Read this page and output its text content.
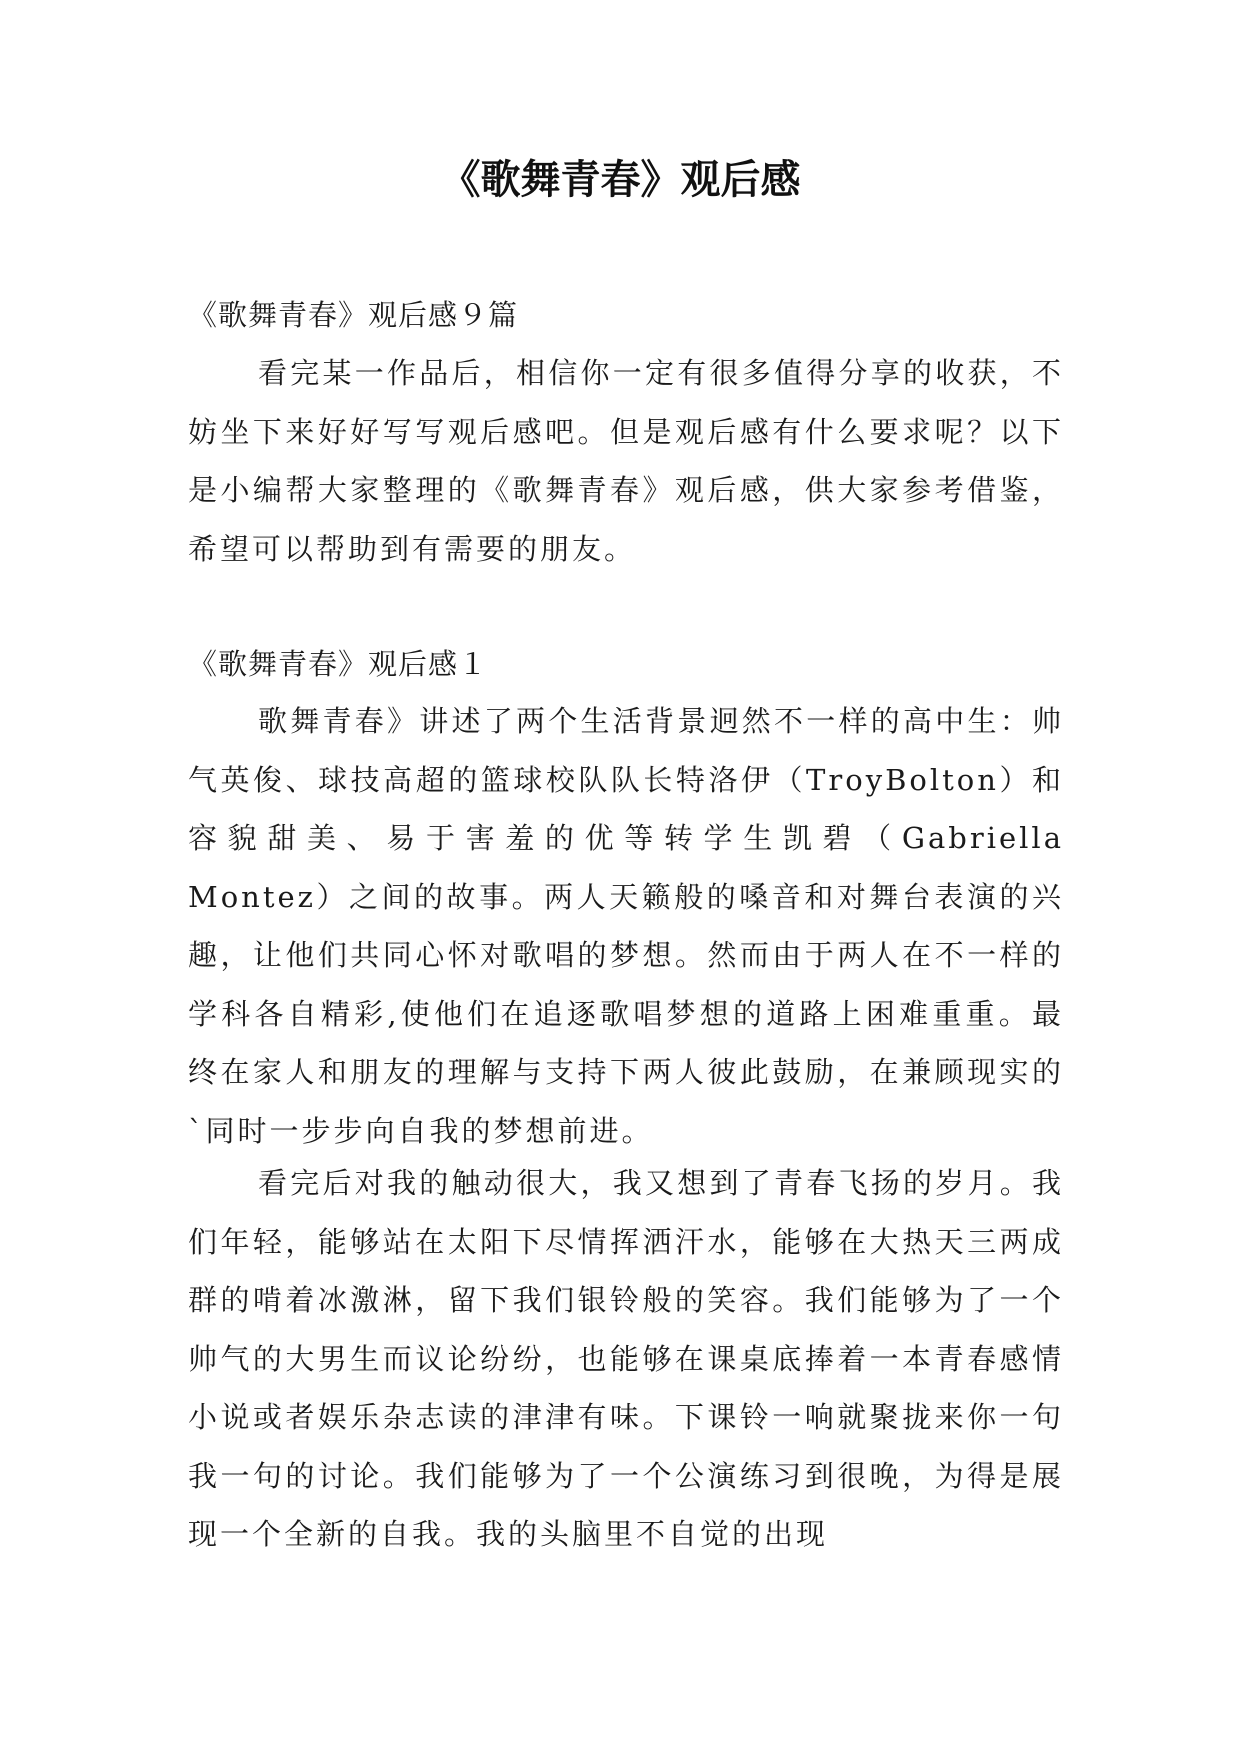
《歌舞青春》观后感

《歌舞青春》观后感９篇

看完某一作品后，相信你一定有很多值得分享的收获，不妨坐下来好好写写观后感吧。但是观后感有什么要求呢？以下是小编帮大家整理的《歌舞青春》观后感，供大家参考借鉴，希望可以帮助到有需要的朋友。

《歌舞青春》观后感１

歌舞青春》讲述了两个生活背景迥然不一样的高中生：帅气英俊、球技高超的篮球校队队长特洛伊（TroyBolton）和容貌甜美、易于害羞的优等转学生凯碧（Gabriella Montez）之间的故事。两人天籁般的嗓音和对舞台表演的兴趣，让他们共同心怀对歌唱的梦想。然而由于两人在不一样的学科各自精彩,使他们在追逐歌唱梦想的道路上困难重重。最终在家人和朋友的理解与支持下两人彼此鼓励，在兼顾现实的`同时一步步向自我的梦想前进。

看完后对我的触动很大，我又想到了青春飞扬的岁月。我们年轻，能够站在太阳下尽情挥洒汗水，能够在大热天三两成群的啃着冰激淋，留下我们银铃般的笑容。我们能够为了一个帅气的大男生而议论纷纷，也能够在课桌底捧着一本青春感情小说或者娱乐杂志读的津津有味。下课铃一响就聚拢来你一句我一句的讨论。我们能够为了一个公演练习到很晚，为得是展现一个全新的自我。我的头脑里不自觉的出现
